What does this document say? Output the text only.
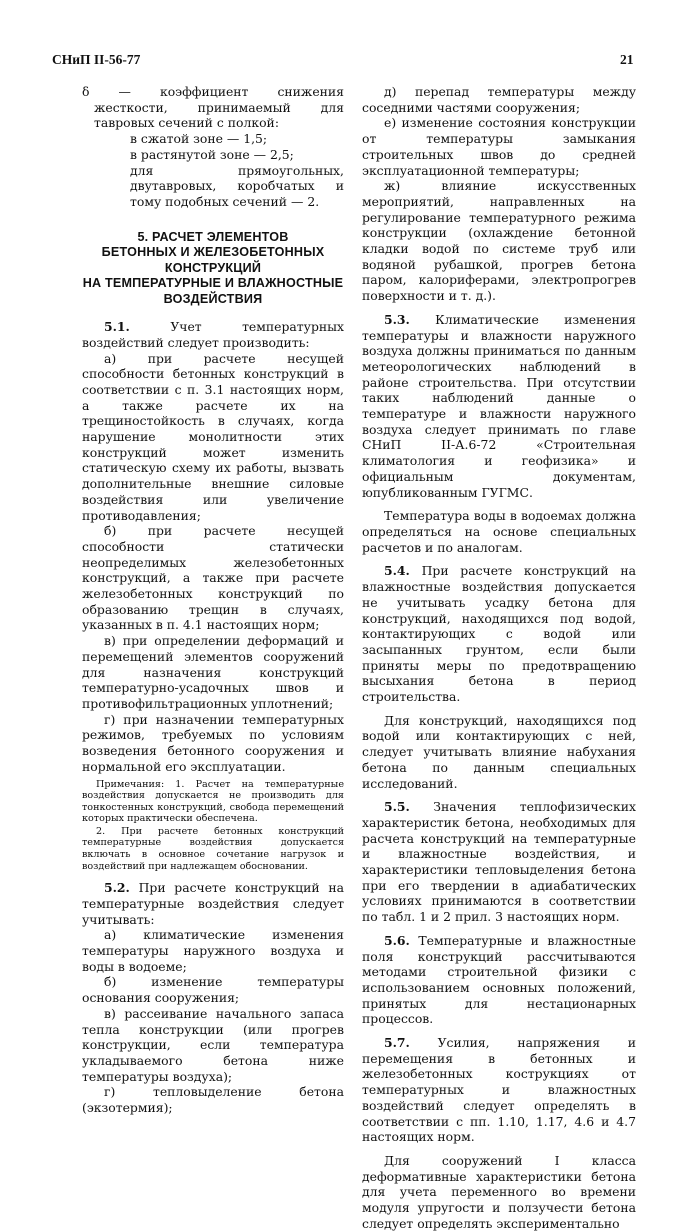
СНиП II-56-77	21

δ — коэффициент снижения жесткости, принимаемый для тавровых сечений с полкой:

в сжатой зоне — 1,5;

в растянутой зоне — 2,5;

для прямоугольных, двутавровых, коробчатых и тому подобных сечений — 2.

5. РАСЧЕТ ЭЛЕМЕНТОВ
БЕТОННЫХ И ЖЕЛЕЗОБЕТОННЫХ
КОНСТРУКЦИЙ
НА ТЕМПЕРАТУРНЫЕ И ВЛАЖНОСТНЫЕ
ВОЗДЕЙСТВИЯ

5.1.	Учет температурных воздействий следует производить:

а) при расчете несущей способности бетонных конструкций в соответствии с п. 3.1 настоящих норм, а также расчете их на трещиностойкость в случаях, когда нарушение монолитности этих конструкций может изменить статическую схему их работы, вызвать дополнительные внешние силовые воздействия или увеличение противодавления;

б) при расчете несущей способности статически неопределимых железобетонных конструкций, а также при расчете железобетонных конструкций по образованию трещин в случаях, указанных в п. 4.1 настоящих норм;

в) при определении деформаций и перемещений элементов сооружений для назначения конструкций температурно-усадочных швов и противофильтрационных уплотнений;

г) при назначении температурных режимов, требуемых по условиям возведения бетонного сооружения и нормальной его эксплуатации.

Примечания: 1. Расчет на температурные воздействия допускается не производить для тонкостенных конструкций, свобода перемещений которых практически обеспечена.

2. При расчете бетонных конструкций температурные воздействия допускается включать в основное сочетание нагрузок и воздействий при надлежащем обосновании.

5.2. При расчете конструкций на температурные воздействия следует учитывать:

а) климатические изменения температуры наружного воздуха и воды в водоеме;

б) изменение температуры основания сооружения;

в) рассеивание начального запаса тепла конструкции (или прогрев конструкции, если температура укладываемого бетона ниже температуры воздуха);

г) тепловыделение бетона (экзотермия);

д) перепад температуры между соседними частями сооружения;

е) изменение состояния конструкции от температуры замыкания строительных швов до средней эксплуатационной температуры;

ж) влияние искусственных мероприятий, направленных на регулирование температурного режима конструкции (охлаждение бетонной кладки водой по системе труб или водяной рубашкой, прогрев бетона паром, калориферами, электропрогрев поверхности и т. д.).

5.3. Климатические изменения температуры и влажности наружного воздуха должны приниматься по данным метеорологических наблюдений в районе строительства. При отсутствии таких наблюдений данные о температуре и влажности наружного воздуха следует принимать по главе СНиП II-А.6-72 «Строительная климатология и геофизика» и официальным документам, юпубликованным ГУГМС.

Температура воды в водоемах должна определяться на основе специальных расчетов и по аналогам.

5.4. При расчете конструкций на влажностные воздействия допускается не учитывать усадку бетона для конструкций, находящихся под водой, контактирующих с водой или засыпанных грунтом, если были приняты меры по предотвращению высыхания бетона в период строительства.

Для конструкций, находящихся под водой или контактирующих с ней, следует учитывать влияние набухания бетона по данным специальных исследований.

5.5. Значения теплофизических характеристик бетона, необходимых для расчета конструкций на температурные и влажностные воздействия, и характеристики тепловыделения бетона при его твердении в адиабатических условиях принимаются в соответствии по табл. 1 и 2 прил. 3 настоящих норм.

5.6. Температурные и влажностные поля конструкций рассчитываются методами строительной физики с использованием основных положений, принятых для нестационарных процессов.

5.7. Усилия, напряжения и перемещения в бетонных и железобетонных кострукциях от температурных и влажностных воздействий следует определять в соответствии с пп. 1.10, 1.17, 4.6 и 4.7 настоящих норм.

Для сооружений I класса деформативные характеристики бетона для учета переменного во времени модуля упругости и ползучести бетона следует определять экспериментально
